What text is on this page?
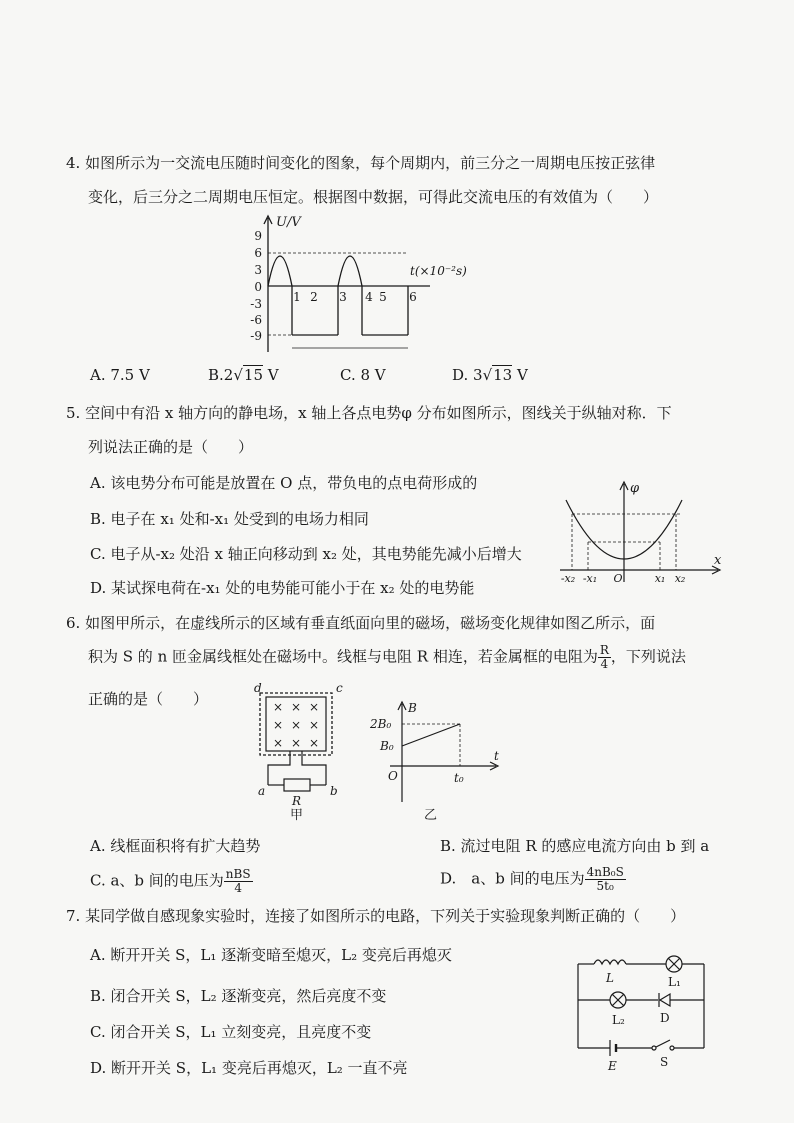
4. 如图所示为一交流电压随时间变化的图象，每个周期内，前三分之一周期电压按正弦律
变化，后三分之二周期电压恒定。根据图中数据，可得此交流电压的有效值为（　　）
U/V
t(×10⁻²s)
9
6
3
0
-3
-6
-9
1 2 3 4 5 6
A. 7.5 V	B.2√15 V	C. 8 V	D. 3√13 V
5. 空间中有沿 x 轴方向的静电场，x 轴上各点电势φ 分布如图所示，图线关于纵轴对称．下
列说法正确的是（　　）
A. 该电势分布可能是放置在 O 点，带负电的点电荷形成的
B. 电子在 x₁ 处和-x₁ 处受到的电场力相同
C. 电子从-x₂ 处沿 x 轴正向移动到 x₂ 处，其电势能先减小后增大
D. 某试探电荷在-x₁ 处的电势能可能小于在 x₂ 处的电势能
φ
x
-x₂ -x₁ O	x₁ x₂
6. 如图甲所示，在虚线所示的区域有垂直纸面向里的磁场，磁场变化规律如图乙所示，面
积为 S 的 n 匝金属线框处在磁场中。线框与电阻 R 相连，若金属框的电阻为 $\frac{R}{4}$ ，下列说法
正确的是（　　）	× × ×
× × ×
× × ×
d	c
a	b
R
甲
B
2B₀
B₀
O	t₀
t
乙
A. 线框面积将有扩大趋势	B. 流过电阻 R 的感应电流方向由 b 到 a
C. a、b 间的电压为 $\frac{\text{nBS}}{4}$	D.　a、b 间的电压为 $\frac{\text{4nB₀S}}{\text{5t₀}}$
7. 某同学做自感现象实验时，连接了如图所示的电路，下列关于实验现象判断正确的（　　）
A. 断开开关 S，L₁ 逐渐变暗至熄灭，L₂ 变亮后再熄灭
B. 闭合开关 S，L₂ 逐渐变亮，然后亮度不变
C. 闭合开关 S，L₁ 立刻变亮，且亮度不变
D. 断开开关 S，L₁ 变亮后再熄灭，L₂ 一直不亮
L	L₁
L₂	D
E	S
